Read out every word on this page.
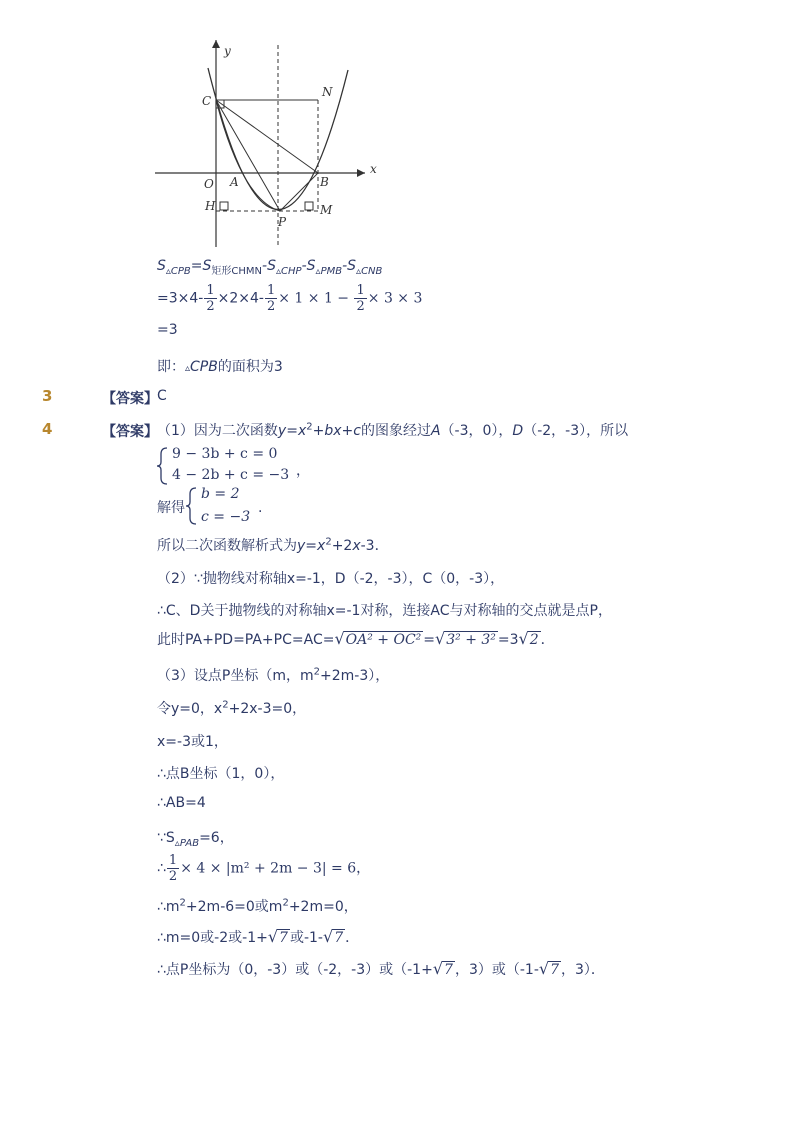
y
x
C
N
O A	B
H
P
M
$S_{▵CPB}=S_{矩形CHMN}-S_{▵CHP}-S_{▵PMB}-S_{▵CNB}$
$=3\times 4- \frac{1}{2} \times 2\times 4- \frac{1}{2} \times 1 \times 1 - \frac{1}{2} \times 3 \times 3$
=3
即：▵CPB的面积为3
3	【答案】 C
4	【答案】 （1）因为二次函数$y=x^2+bx+c$的图象经过A（-3，0），D（-2，-3），所以
9 − 3b + c = 0
4 − 2b + c = −3 ，
解得
b = 2
c = −3
.
所以二次函数解析式为$y=x^2+2x-3$．
（2）∵抛物线对称轴x=-1，D（-2，-3），C（0，-3），
∴C、D关于抛物线的对称轴x=-1对称，连接AC与对称轴的交点就是点P，
此时PA+PD=PA+PC=AC=√OA² + OC² =√3² + 3² =3√2 ．
（3）设点P坐标（m，$m^2+2m-3$），
令y=0，$x^2+2x-3=0$，
x=-3或1，
∴点B坐标（1，0），
∴AB=4
$\because S_{▵PAB}=6$，
∴ $\frac{1}{2} \times 4 \times |m^2 + 2m - 3| = 6$，
$\therefore m^2+2m-6=0$或$m^2+2m=0$，
∴m=0或-2或-1+√7 或-1-√7 ．
∴点P坐标为（0，-3）或（-2，-3）或（-1+√7 ，3）或（-1-√7 ，3）．
